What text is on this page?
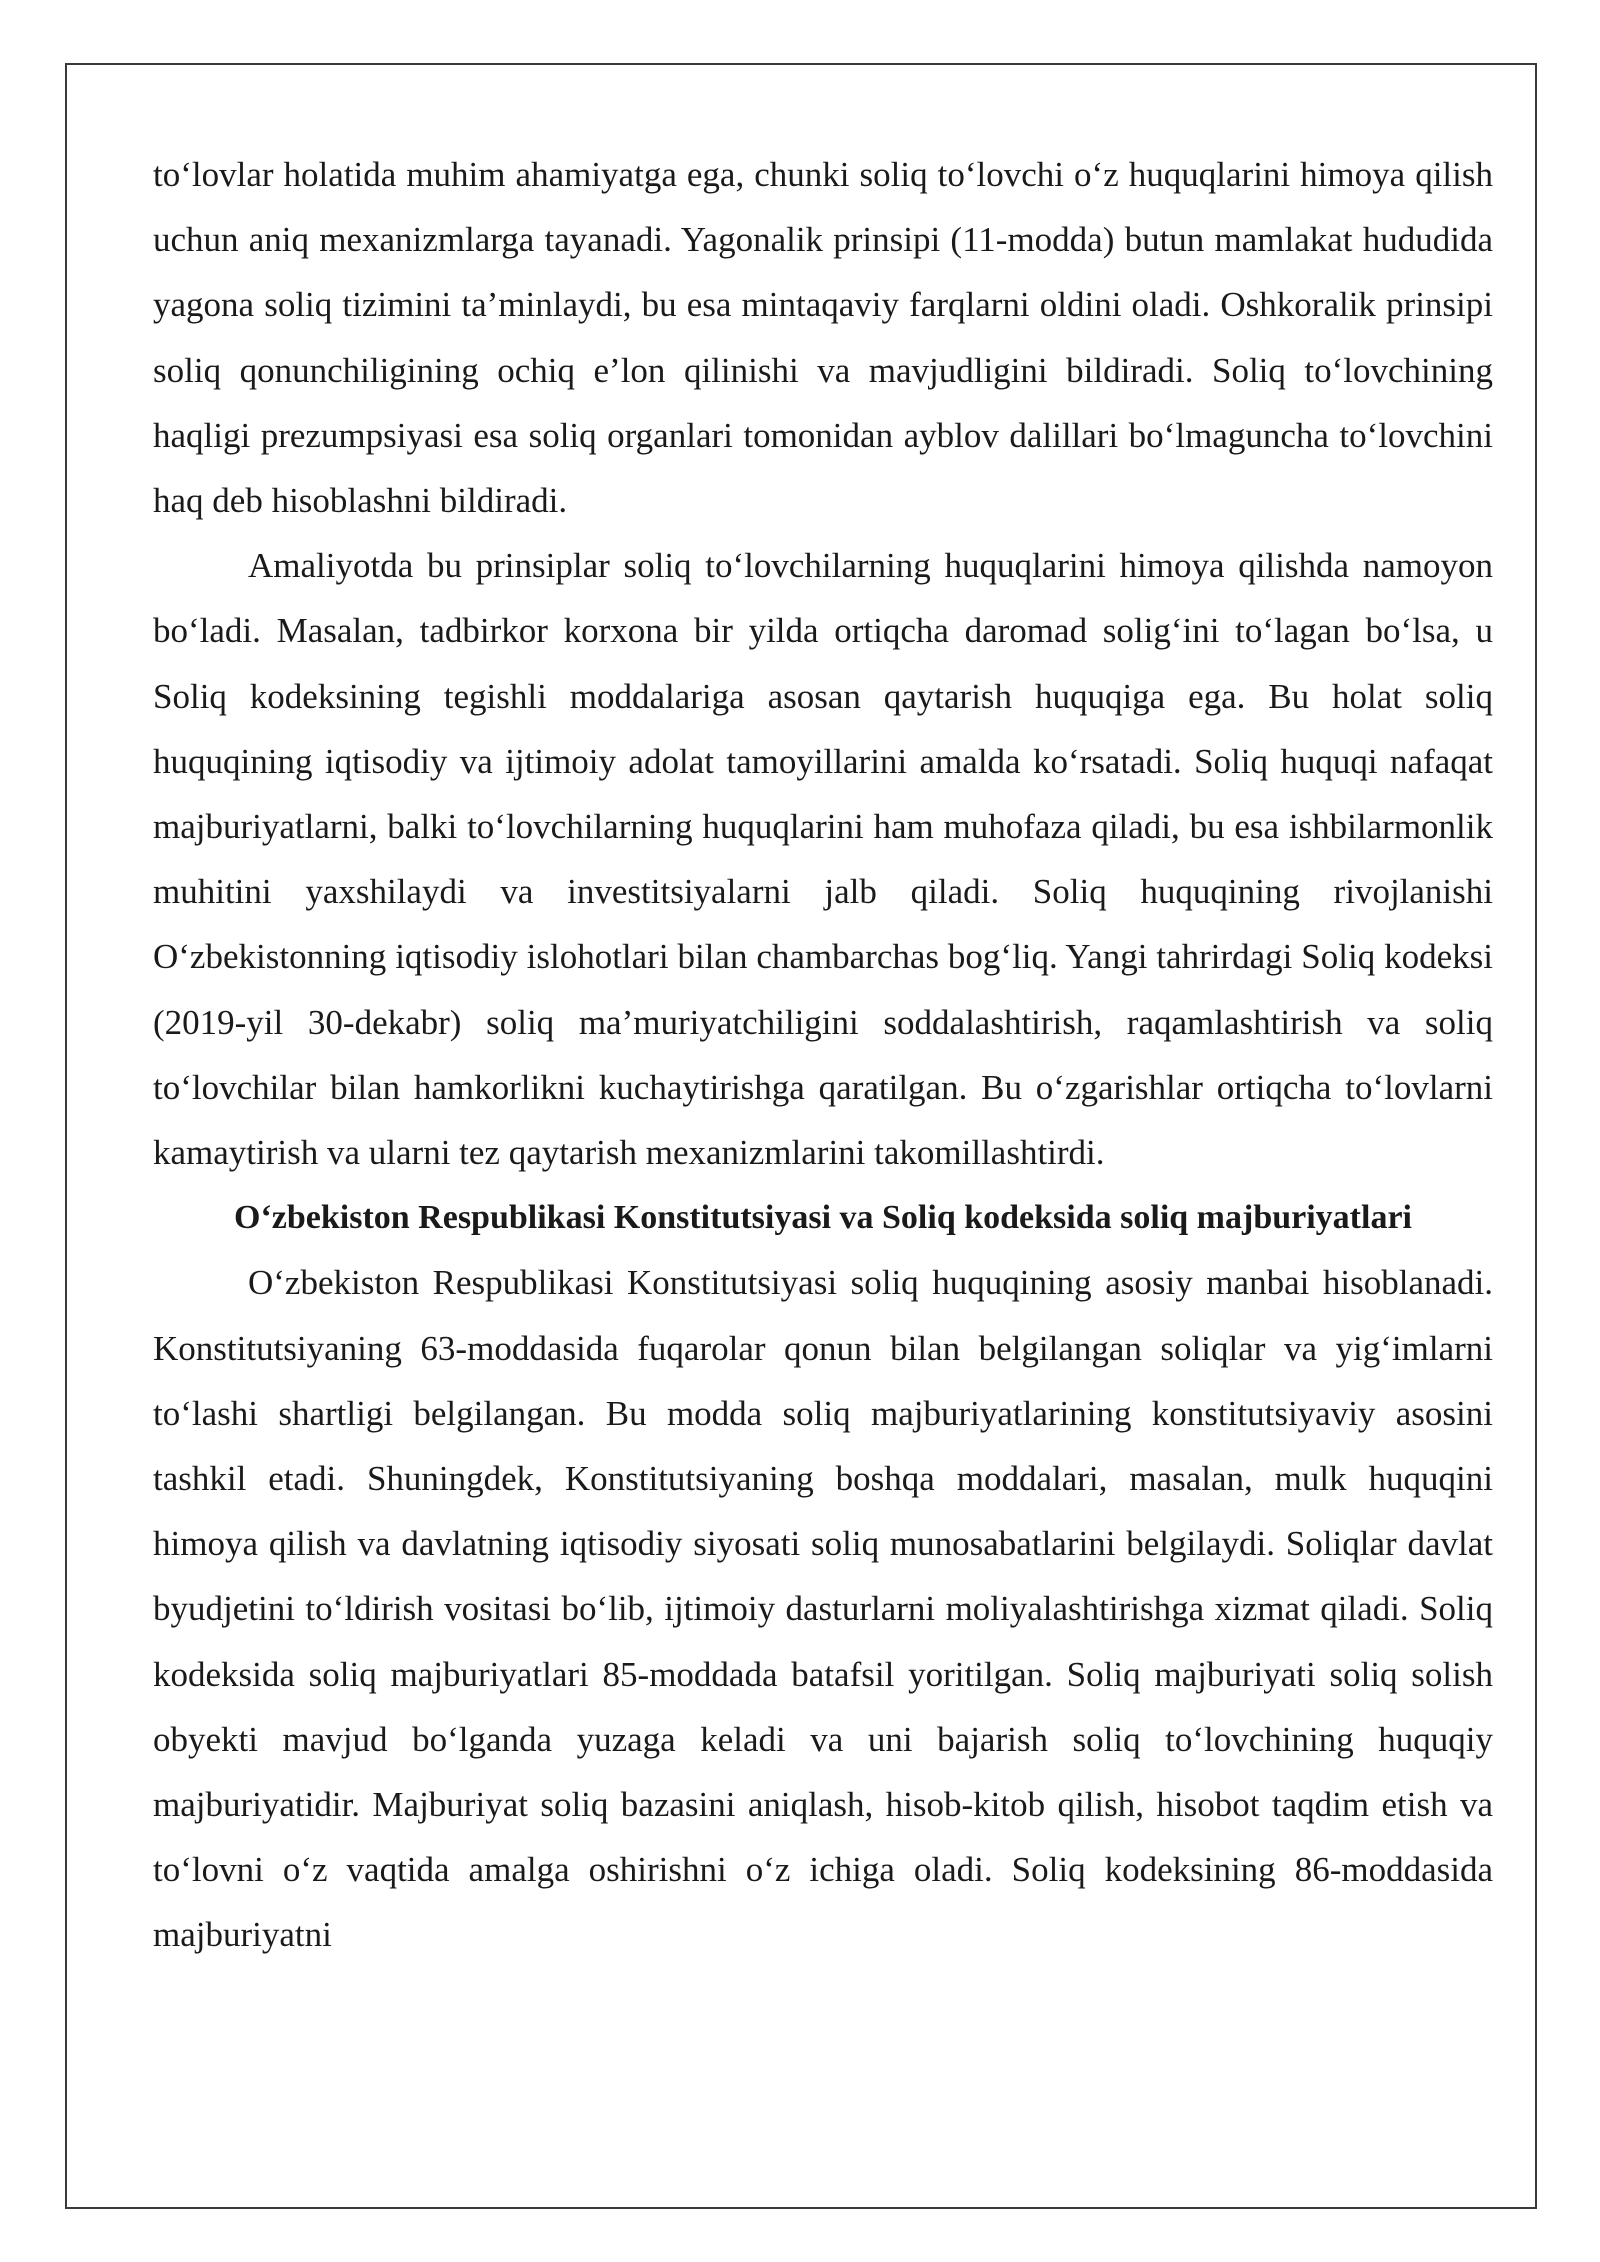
to‘lovlar holatida muhim ahamiyatga ega, chunki soliq to‘lovchi o‘z huquqlarini himoya qilish uchun aniq mexanizmlarga tayanadi. Yagonalik prinsipi (11-modda) butun mamlakat hududida yagona soliq tizimini ta’minlaydi, bu esa mintaqaviy farqlarni oldini oladi. Oshkoralik prinsipi soliq qonunchiligining ochiq e’lon qilinishi va mavjudligini bildiradi. Soliq to‘lovchining haqligi prezumpsiyasi esa soliq organlari tomonidan ayblov dalillari bo‘lmaguncha to‘lovchini haq deb hisoblashni bildiradi.

Amaliyotda bu prinsiplar soliq to‘lovchilarning huquqlarini himoya qilishda namoyon bo‘ladi. Masalan, tadbirkor korxona bir yilda ortiqcha daromad solig‘ini to‘lagan bo‘lsa, u Soliq kodeksining tegishli moddalariga asosan qaytarish huquqiga ega. Bu holat soliq huquqining iqtisodiy va ijtimoiy adolat tamoyillarini amalda ko‘rsatadi. Soliq huquqi nafaqat majburiyatlarni, balki to‘lovchilarning huquqlarini ham muhofaza qiladi, bu esa ishbilarmonlik muhitini yaxshilaydi va investitsiyalarni jalb qiladi. Soliq huquqining rivojlanishi O‘zbekistonning iqtisodiy islohotlari bilan chambarchas bog‘liq. Yangi tahrirdagi Soliq kodeksi (2019-yil 30-dekabr) soliq ma’muriyatchiligini soddalashtirish, raqamlashtirish va soliq to‘lovchilar bilan hamkorlikni kuchaytirishga qaratilgan. Bu o‘zgarishlar ortiqcha to‘lovlarni kamaytirish va ularni tez qaytarish mexanizmlarini takomillashtirdi.

O‘zbekiston Respublikasi Konstitutsiyasi va Soliq kodeksida soliq majburiyatlari

O‘zbekiston Respublikasi Konstitutsiyasi soliq huquqining asosiy manbai hisoblanadi. Konstitutsiyaning 63-moddasida fuqarolar qonun bilan belgilangan soliqlar va yig‘imlarni to‘lashi shartligi belgilangan. Bu modda soliq majburiyatlarining konstitutsiyaviy asosini tashkil etadi. Shuningdek, Konstitutsiyaning boshqa moddalari, masalan, mulk huquqini himoya qilish va davlatning iqtisodiy siyosati soliq munosabatlarini belgilaydi. Soliqlar davlat byudjetini to‘ldirish vositasi bo‘lib, ijtimoiy dasturlarni moliyalashtirishga xizmat qiladi. Soliq kodeksida soliq majburiyatlari 85-moddada batafsil yoritilgan. Soliq majburiyati soliq solish obyekti mavjud bo‘lganda yuzaga keladi va uni bajarish soliq to‘lovchining huquqiy majburiyatidir. Majburiyat soliq bazasini aniqlash, hisob-kitob qilish, hisobot taqdim etish va to‘lovni o‘z vaqtida amalga oshirishni o‘z ichiga oladi. Soliq kodeksining 86-moddasida majburiyatni
